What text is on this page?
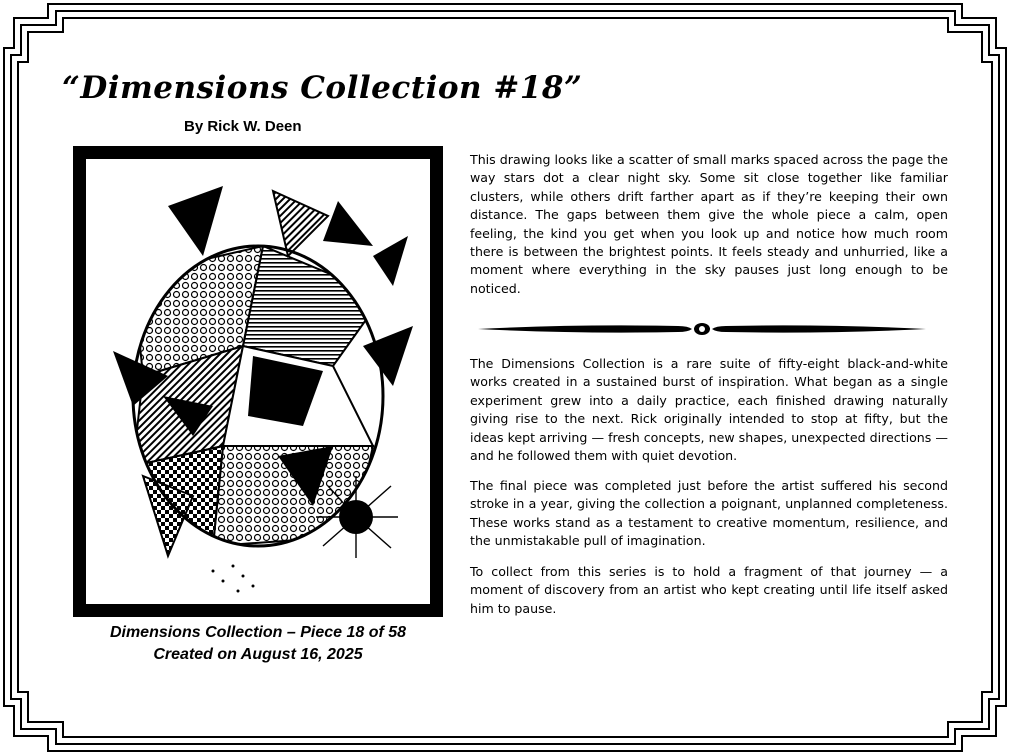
“Dimensions Collection #18”
By Rick W. Deen
Dimensions Collection – Piece 18 of 58
Created on August 16, 2025

This drawing looks like a scatter of small marks spaced across the page the way stars dot a clear night sky. Some sit close together like familiar clusters, while others drift farther apart as if they’re keeping their own distance. The gaps between them give the whole piece a calm, open feeling, the kind you get when you look up and notice how much room there is between the brightest points. It feels steady and unhurried, like a moment where everything in the sky pauses just long enough to be noticed.

The Dimensions Collection is a rare suite of fifty-eight black-and-white works created in a sustained burst of inspiration. What began as a single experiment grew into a daily practice, each finished drawing naturally giving rise to the next. Rick originally intended to stop at fifty, but the ideas kept arriving — fresh concepts, new shapes, unexpected directions — and he followed them with quiet devotion.

The final piece was completed just before the artist suffered his second stroke in a year, giving the collection a poignant, unplanned completeness. These works stand as a testament to creative momentum, resilience, and the unmistakable pull of imagination.

To collect from this series is to hold a fragment of that journey — a moment of discovery from an artist who kept creating until life itself asked him to pause.
